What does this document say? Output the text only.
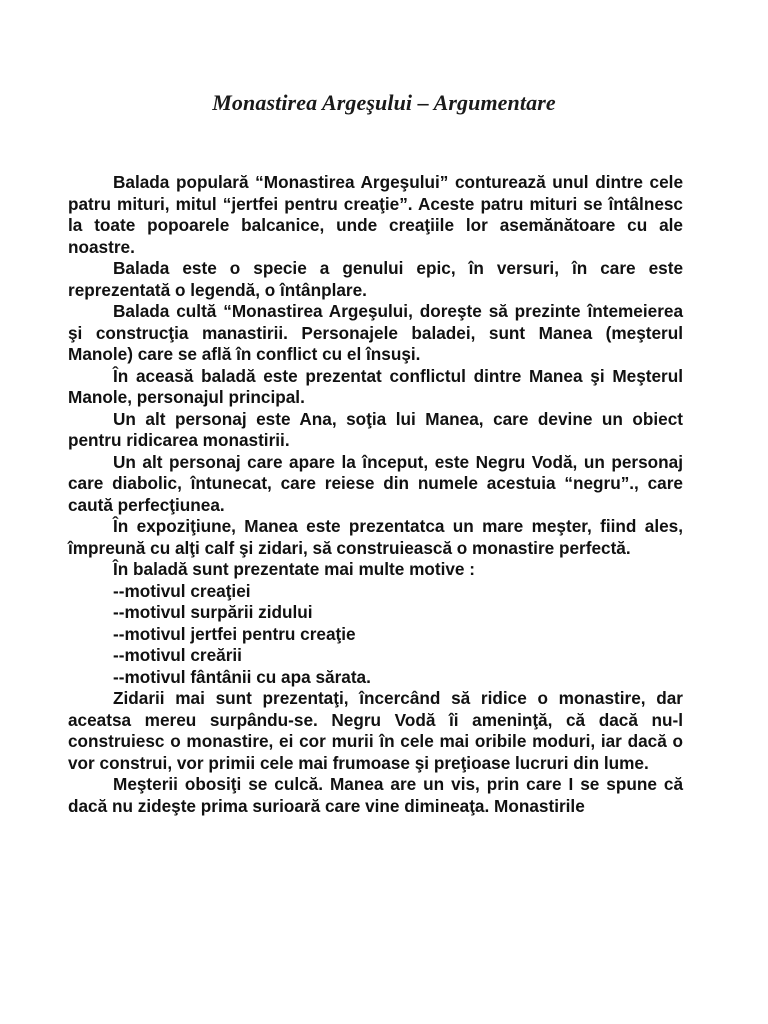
Monastirea Argeşului – Argumentare

Balada populară “Monastirea Argeşului” conturează unul dintre cele patru mituri, mitul “jertfei pentru creaţie”. Aceste patru mituri se întâlnesc la toate popoarele balcanice, unde creaţiile lor asemănătoare cu ale noastre.

Balada este o specie a genului epic, în versuri, în care este reprezentată o legendă, o întânplare.

Balada cultă “Monastirea Argeşului, doreşte să prezinte întemeierea şi construcţia manastirii. Personajele baladei, sunt Manea (meşterul Manole) care se află în conflict cu el însuşi.

În aceasă baladă este prezentat conflictul dintre Manea şi Meşterul Manole, personajul principal.

Un alt personaj este Ana, soţia lui Manea, care devine un obiect pentru ridicarea monastirii.

Un alt personaj care apare la început, este Negru Vodă, un personaj care diabolic, întunecat, care reiese din numele acestuia “negru”., care caută perfecţiunea.

În expoziţiune, Manea este prezentatca un mare meşter, fiind ales, împreună cu alţi calf şi zidari, să construiească o monastire perfectă.

În baladă sunt prezentate mai multe motive :

--motivul creaţiei

--motivul surpării zidului

--motivul jertfei pentru creaţie

--motivul creării

--motivul fântânii cu apa sărata.

Zidarii mai sunt prezentaţi, încercând să ridice o monastire, dar aceatsa mereu surpându-se. Negru Vodă îi ameninţă, că dacă nu-l construiesc o monastire, ei cor murii în cele mai oribile moduri, iar dacă o vor construi, vor primii cele mai frumoase şi preţioase lucruri din lume.

Meşterii obosiţi se culcă. Manea are un vis, prin care I se spune că dacă nu zideşte prima surioară care vine dimineaţa. Monastirile
